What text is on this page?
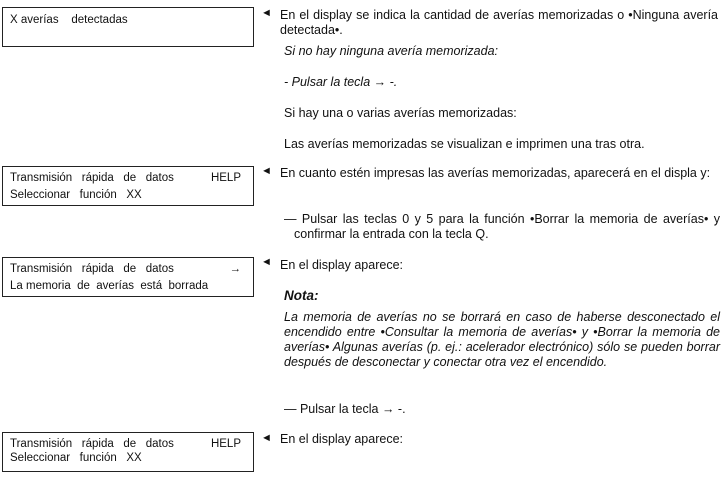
X averías    detectadas
Transmisión   rápida   de   datos	HELP
Seleccionar   función   XX
Transmisión   rápida   de   datos	→
La memoria  de  averías  está  borrada
Transmisión   rápida   de   datos	HELP
Seleccionar   función   XX
◄
◄
◄
◄
En el display se indica la cantidad de averías memorizadas o •Ninguna avería detectada•.
Si no hay ninguna avería memorizada:
- Pulsar la tecla → -.
Si hay una o varias averías memorizadas:
Las averías memorizadas se visualizan e imprimen una tras otra.
En cuanto estén impresas las averías memorizadas, aparecerá en el displa y:
— Pulsar las teclas 0 y 5 para la función •Borrar la memoria de averías• y confirmar la entrada con la tecla Q.
En el display aparece:
Nota:
La memoria de averías no se borrará en caso de haberse desconectado el encendido entre •Consultar la memoria de averías• y •Borrar la memoria de averías• Algunas averías (p. ej.: acelerador electrónico) sólo se pueden borrar después de desconectar y conectar otra vez el encendido.
— Pulsar la tecla → -.
En el display aparece:
